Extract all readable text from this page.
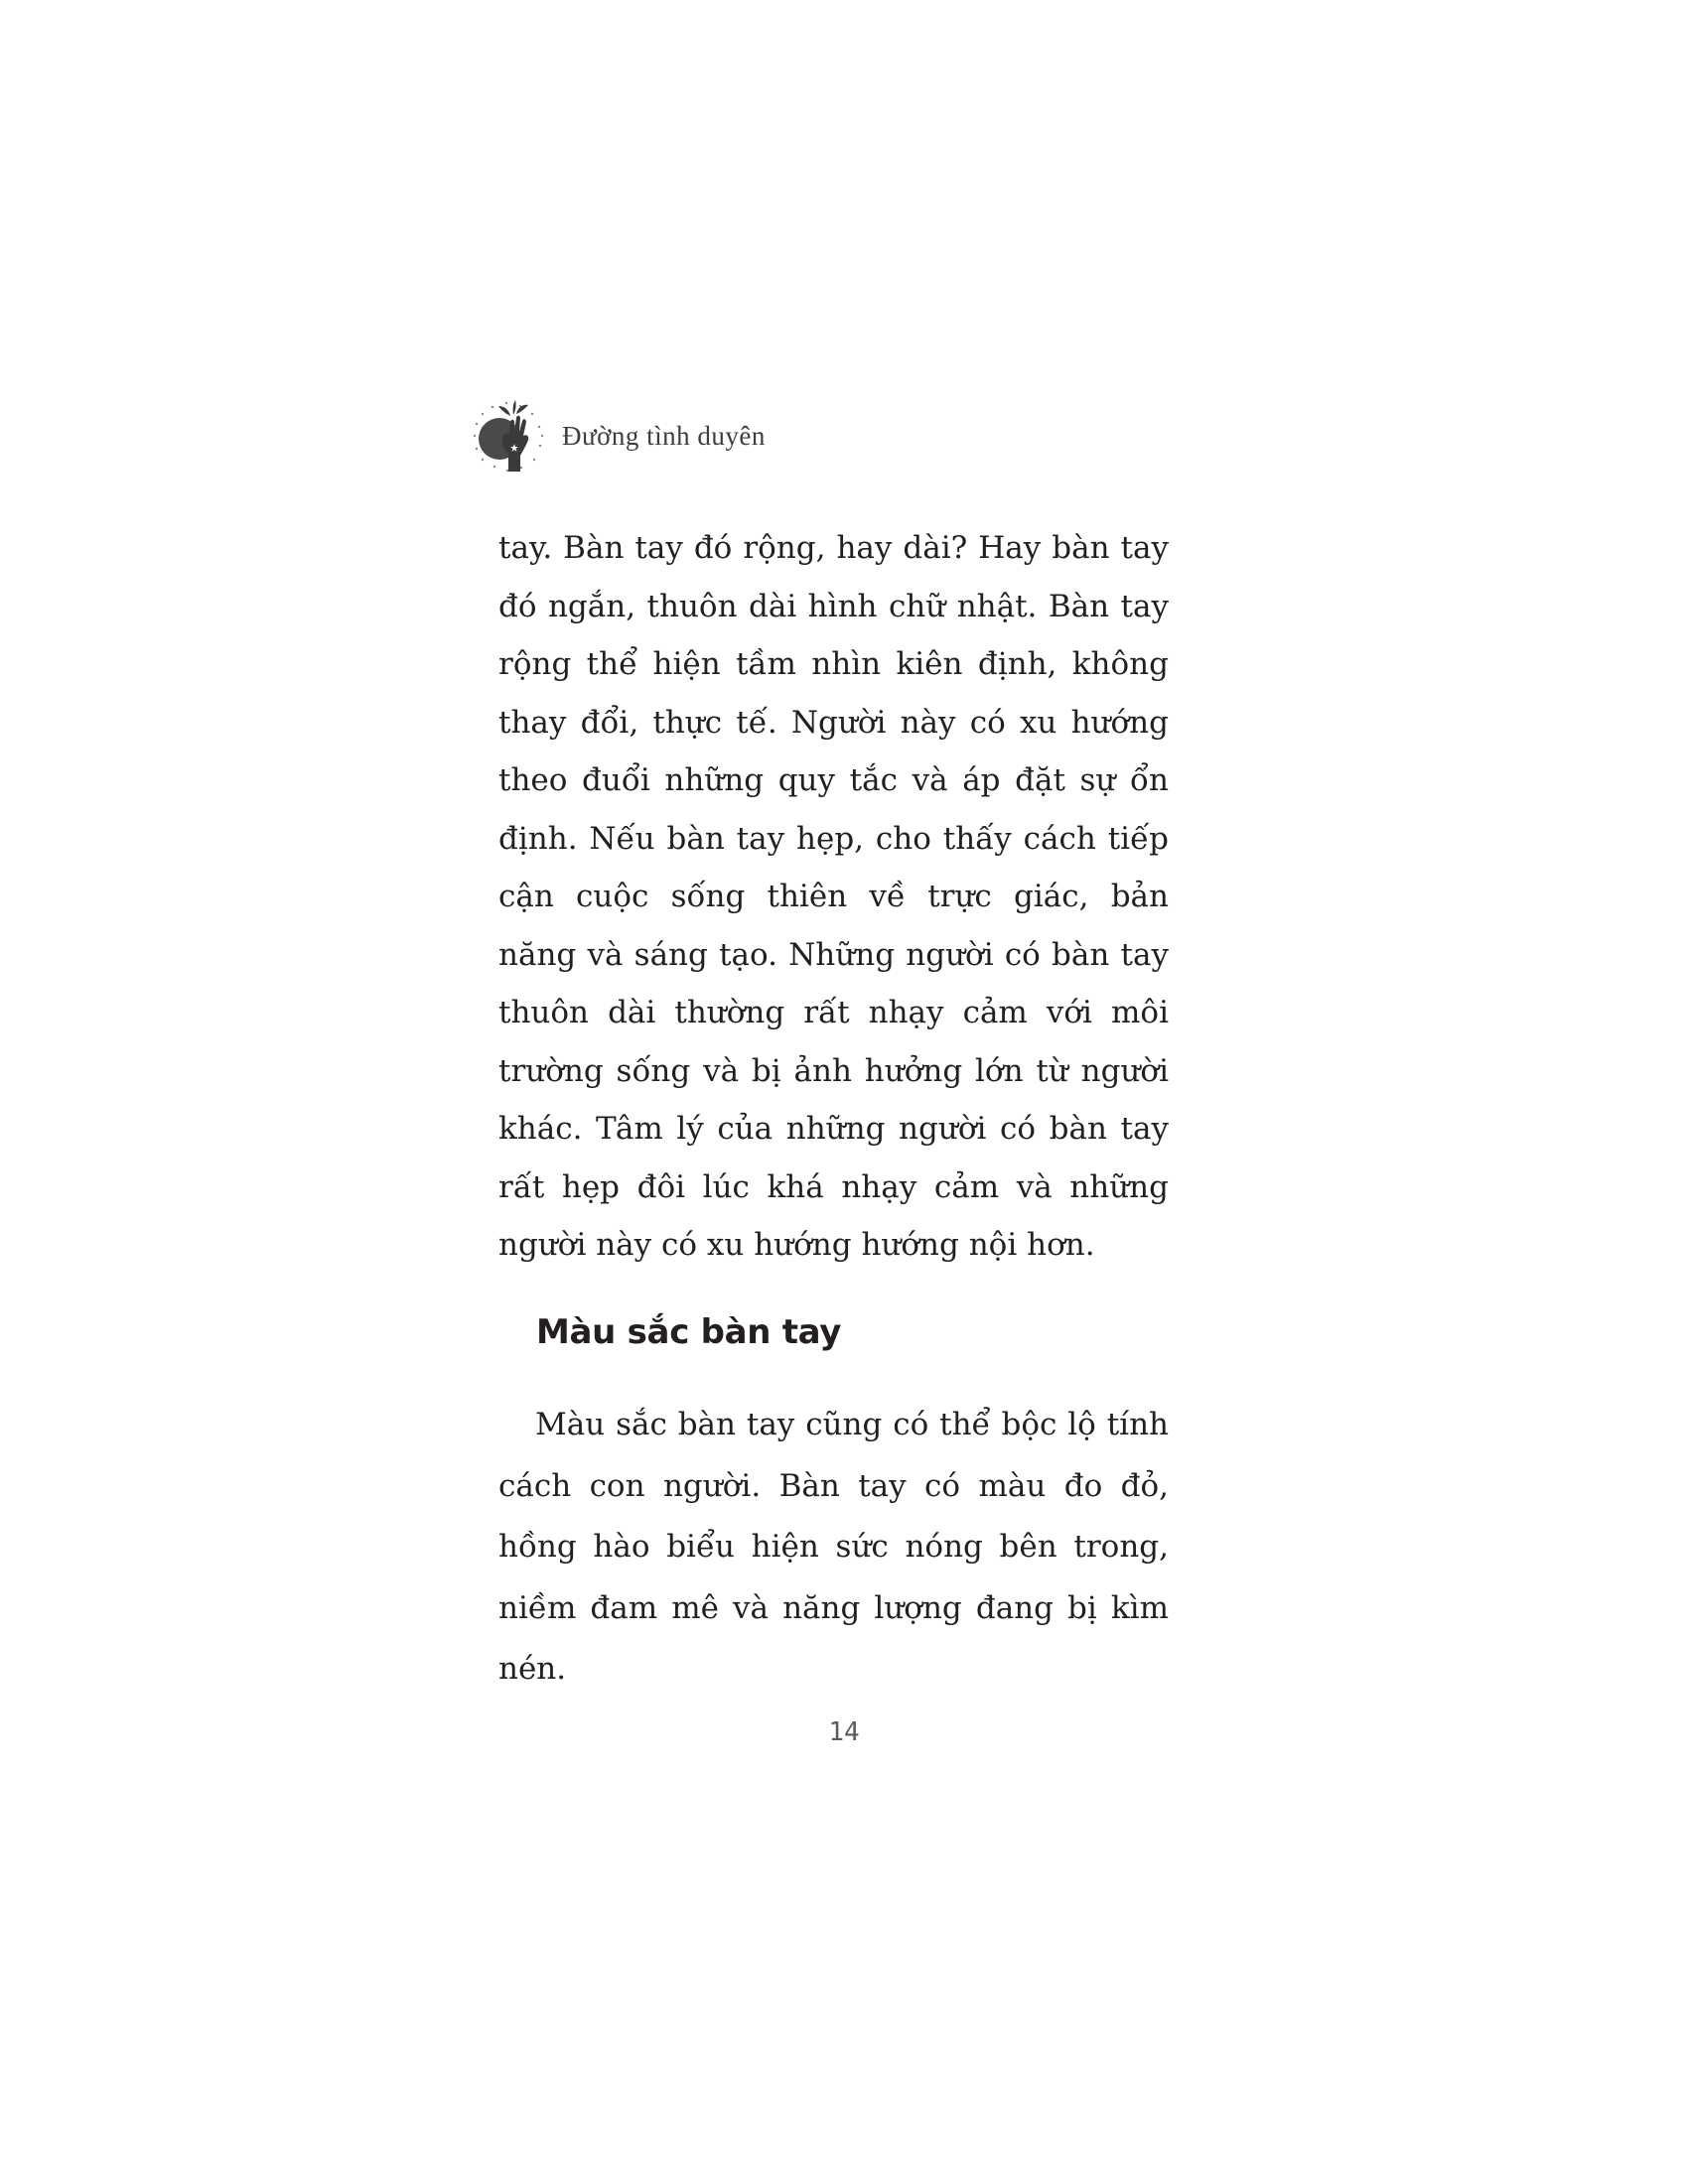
Đường tình duyên

tay. Bàn tay đó rộng, hay dài? Hay bàn tay đó ngắn, thuôn dài hình chữ nhật. Bàn tay rộng thể hiện tầm nhìn kiên định, không thay đổi, thực tế. Người này có xu hướng theo đuổi những quy tắc và áp đặt sự ổn định. Nếu bàn tay hẹp, cho thấy cách tiếp cận cuộc sống thiên về trực giác, bản năng và sáng tạo. Những người có bàn tay thuôn dài thường rất nhạy cảm với môi trường sống và bị ảnh hưởng lớn từ người khác. Tâm lý của những người có bàn tay rất hẹp đôi lúc khá nhạy cảm và những người này có xu hướng hướng nội hơn.

Màu sắc bàn tay

Màu sắc bàn tay cũng có thể bộc lộ tính cách con người. Bàn tay có màu đo đỏ, hồng hào biểu hiện sức nóng bên trong, niềm đam mê và năng lượng đang bị kìm nén.

14
